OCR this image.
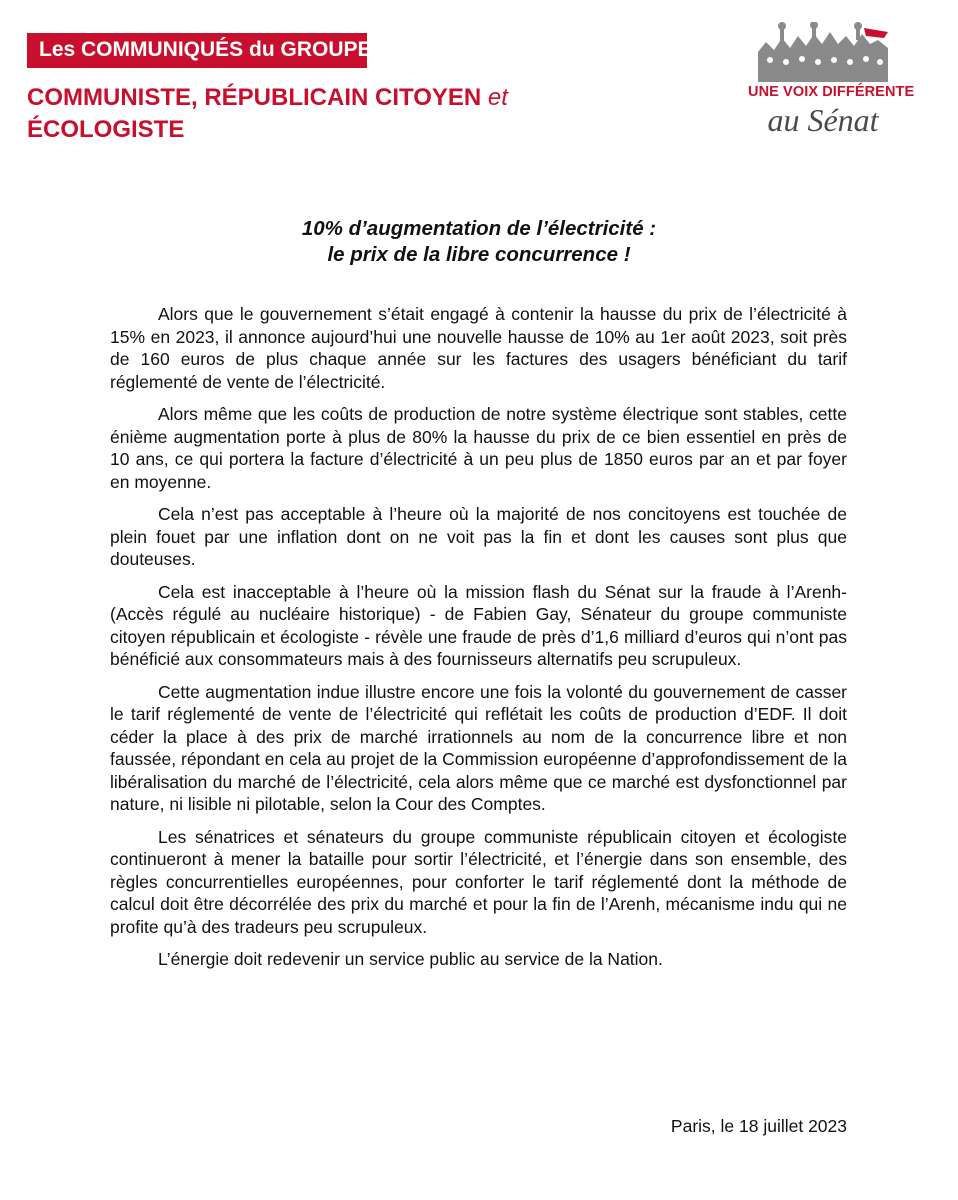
Les COMMUNIQUÉS du GROUPE
COMMUNISTE, RÉPUBLICAIN CITOYEN et
ÉCOLOGISTE
UNE VOIX DIFFÉRENTE
au Sénat
10% d’augmentation de l’électricité :
le prix de la libre concurrence !

Alors que le gouvernement s’était engagé à contenir la hausse du prix de l’électricité à 15% en 2023, il annonce aujourd’hui une nouvelle hausse de 10% au 1er août 2023, soit près de 160 euros de plus chaque année sur les factures des usagers bénéficiant du tarif réglementé de vente de l’électricité.

Alors même que les coûts de production de notre système électrique sont stables, cette énième augmentation porte à plus de 80% la hausse du prix de ce bien essentiel en près de 10 ans, ce qui portera la facture d’électricité à un peu plus de 1850 euros par an et par foyer en moyenne.

Cela n’est pas acceptable à l’heure où la majorité de nos concitoyens est touchée de plein fouet par une inflation dont on ne voit pas la fin et dont les causes sont plus que douteuses.

Cela est inacceptable à l’heure où la mission flash du Sénat sur la fraude à l’Arenh- (Accès régulé au nucléaire historique) - de Fabien Gay, Sénateur du groupe communiste citoyen républicain et écologiste - révèle une fraude de près d’1,6 milliard d’euros qui n’ont pas bénéficié aux consommateurs mais à des fournisseurs alternatifs peu scrupuleux.

Cette augmentation indue illustre encore une fois la volonté du gouvernement de casser le tarif réglementé de vente de l’électricité qui reflétait les coûts de production d’EDF. Il doit céder la place à des prix de marché irrationnels au nom de la concurrence libre et non faussée, répondant en cela au projet de la Commission européenne d’approfondissement de la libéralisation du marché de l’électricité, cela alors même que ce marché est dysfonctionnel par nature, ni lisible ni pilotable, selon la Cour des Comptes.

Les sénatrices et sénateurs du groupe communiste républicain citoyen et écologiste continueront à mener la bataille pour sortir l’électricité, et l’énergie dans son ensemble, des règles concurrentielles européennes, pour conforter le tarif réglementé dont la méthode de calcul doit être décorrélée des prix du marché et pour la fin de l’Arenh, mécanisme indu qui ne profite qu’à des tradeurs peu scrupuleux.

L’énergie doit redevenir un service public au service de la Nation.

Paris, le 18 juillet 2023
